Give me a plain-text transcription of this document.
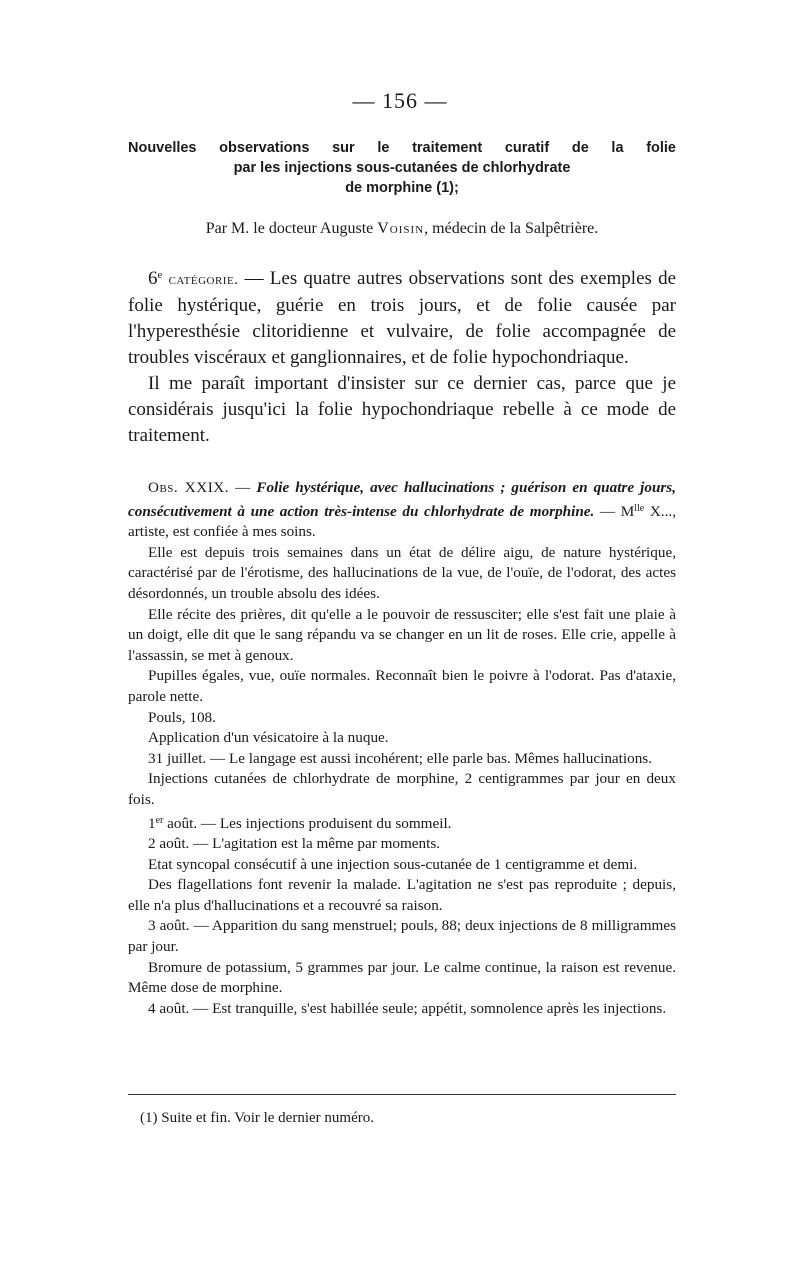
— 156 —
Nouvelles observations sur le traitement curatif de la folie
par les injections sous-cutanées de chlorhydrate
de morphine (1);
Par M. le docteur Auguste Voisin, médecin de la Salpêtrière.

6e catégorie. — Les quatre autres observations sont des exemples de folie hystérique, guérie en trois jours, et de folie causée par l'hyperesthésie clitoridienne et vulvaire, de folie accompagnée de troubles viscéraux et ganglionnaires, et de folie hypochondriaque.

Il me paraît important d'insister sur ce dernier cas, parce que je considérais jusqu'ici la folie hypochondriaque rebelle à ce mode de traitement.

Obs. XXIX. — Folie hystérique, avec hallucinations ; guérison en quatre jours, consécutivement à une action très-intense du chlorhydrate de morphine. — $M^{lle}$ X..., artiste, est confiée à mes soins.

Elle est depuis trois semaines dans un état de délire aigu, de nature hystérique, caractérisé par de l'érotisme, des hallucinations de la vue, de l'ouïe, de l'odorat, des actes désordonnés, un trouble absolu des idées.

Elle récite des prières, dit qu'elle a le pouvoir de ressusciter; elle s'est fait une plaie à un doigt, elle dit que le sang répandu va se changer en un lit de roses. Elle crie, appelle à l'assassin, se met à genoux.

Pupilles égales, vue, ouïe normales. Reconnaît bien le poivre à l'odorat. Pas d'ataxie, parole nette.

Pouls, 108.

Application d'un vésicatoire à la nuque.

31 juillet. — Le langage est aussi incohérent; elle parle bas. Mêmes hallucinations.

Injections cutanées de chlorhydrate de morphine, 2 centigrammes par jour en deux fois.

1er août. — Les injections produisent du sommeil.

2 août. — L'agitation est la même par moments.

Etat syncopal consécutif à une injection sous-cutanée de 1 centigramme et demi.

Des flagellations font revenir la malade. L'agitation ne s'est pas reproduite ; depuis, elle n'a plus d'hallucinations et a recouvré sa raison.

3 août. — Apparition du sang menstruel; pouls, 88; deux injections de 8 milligrammes par jour.

Bromure de potassium, 5 grammes par jour. Le calme continue, la raison est revenue. Même dose de morphine.

4 août. — Est tranquille, s'est habillée seule; appétit, somnolence après les injections.

(1) Suite et fin. Voir le dernier numéro.
